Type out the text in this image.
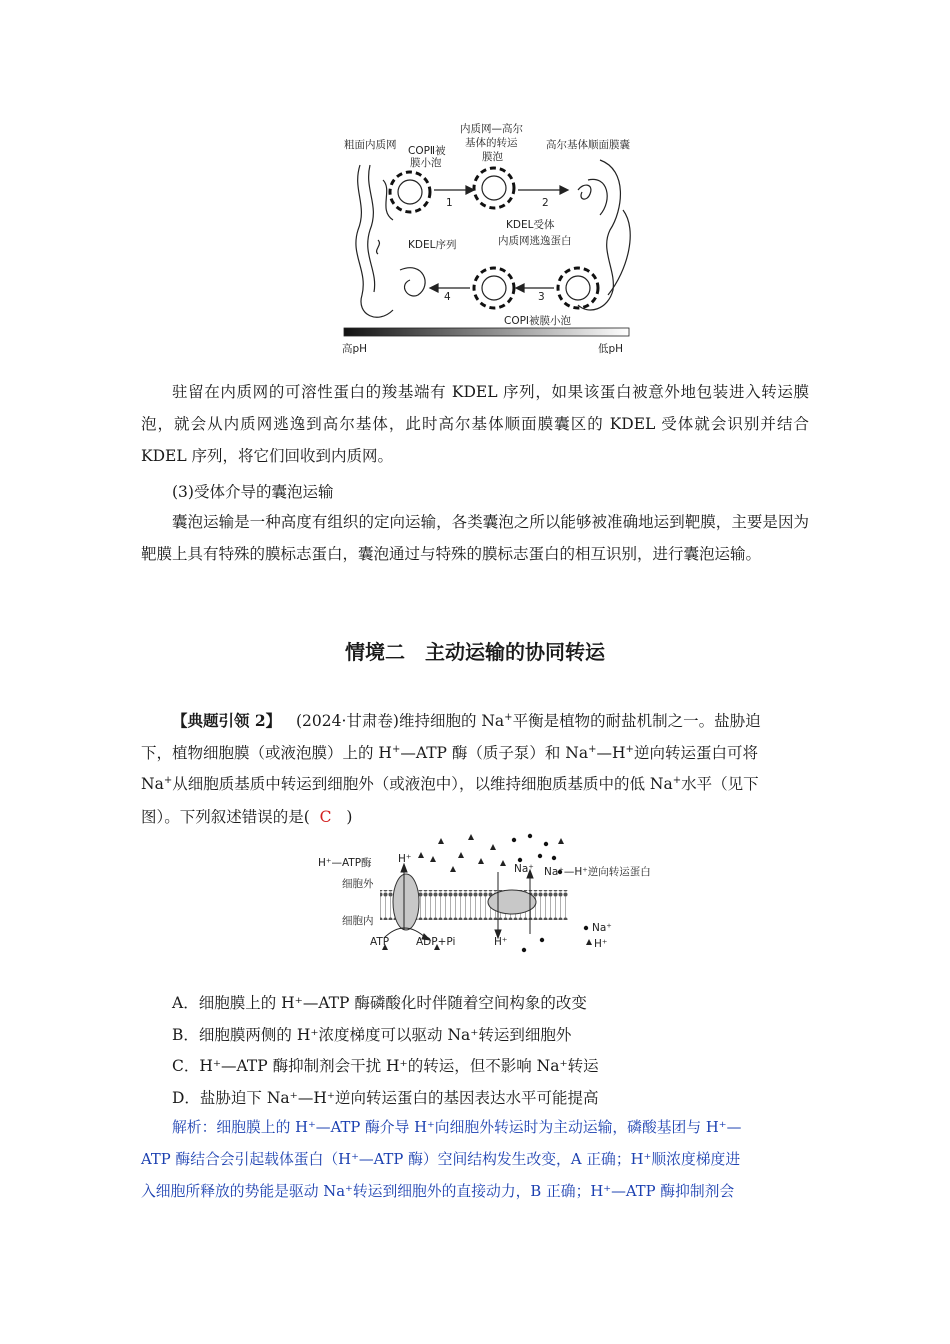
粗面内质网 COPⅡ被
膜小泡
内质网—高尔
基体的转运
膜泡
高尔基体顺面膜囊
KDEL受体
内质网逃逸蛋白
KDEL序列
COPⅠ被膜小泡
高pH	低pH
1	2
3
4
驻留在内质网的可溶性蛋白的羧基端有 KDEL 序列，如果该蛋白被意外地包装进入转运膜泡，就会从内质网逃逸到高尔基体，此时高尔基体顺面膜囊区的 KDEL 受体就会识别并结合 KDEL 序列，将它们回收到内质网。
(3)受体介导的囊泡运输
囊泡运输是一种高度有组织的定向运输，各类囊泡之所以能够被准确地运到靶膜，主要是因为靶膜上具有特殊的膜标志蛋白，囊泡通过与特殊的膜标志蛋白的相互识别，进行囊泡运输。
情境二　主动运输的协同转运
【典题引领 2】 (2024·甘肃卷)维持细胞的 Na+平衡是植物的耐盐机制之一。盐胁迫
下，植物细胞膜（或液泡膜）上的 H+—ATP 酶（质子泵）和 Na+—H+逆向转运蛋白可将
Na+从细胞质基质中转运到细胞外（或液泡中），以维持细胞质基质中的低 Na+水平（见下
图）。下列叙述错误的是( C )
H⁺—ATP酶	H⁺
Na⁺ Na⁺—H⁺逆向转运蛋白
细胞外
细胞内
ATP	ADP+Pi	H⁺
Na⁺
H⁺
A．细胞膜上的 H⁺—ATP 酶磷酸化时伴随着空间构象的改变
B．细胞膜两侧的 H⁺浓度梯度可以驱动 Na⁺转运到细胞外
C．H⁺—ATP 酶抑制剂会干扰 H⁺的转运，但不影响 Na⁺转运
D．盐胁迫下 Na⁺—H⁺逆向转运蛋白的基因表达水平可能提高
解析：细胞膜上的 H⁺—ATP 酶介导 H⁺向细胞外转运时为主动运输，磷酸基团与 H⁺—
ATP 酶结合会引起载体蛋白（H⁺—ATP 酶）空间结构发生改变，A 正确；H⁺顺浓度梯度进
入细胞所释放的势能是驱动 Na⁺转运到细胞外的直接动力，B 正确；H⁺—ATP 酶抑制剂会
